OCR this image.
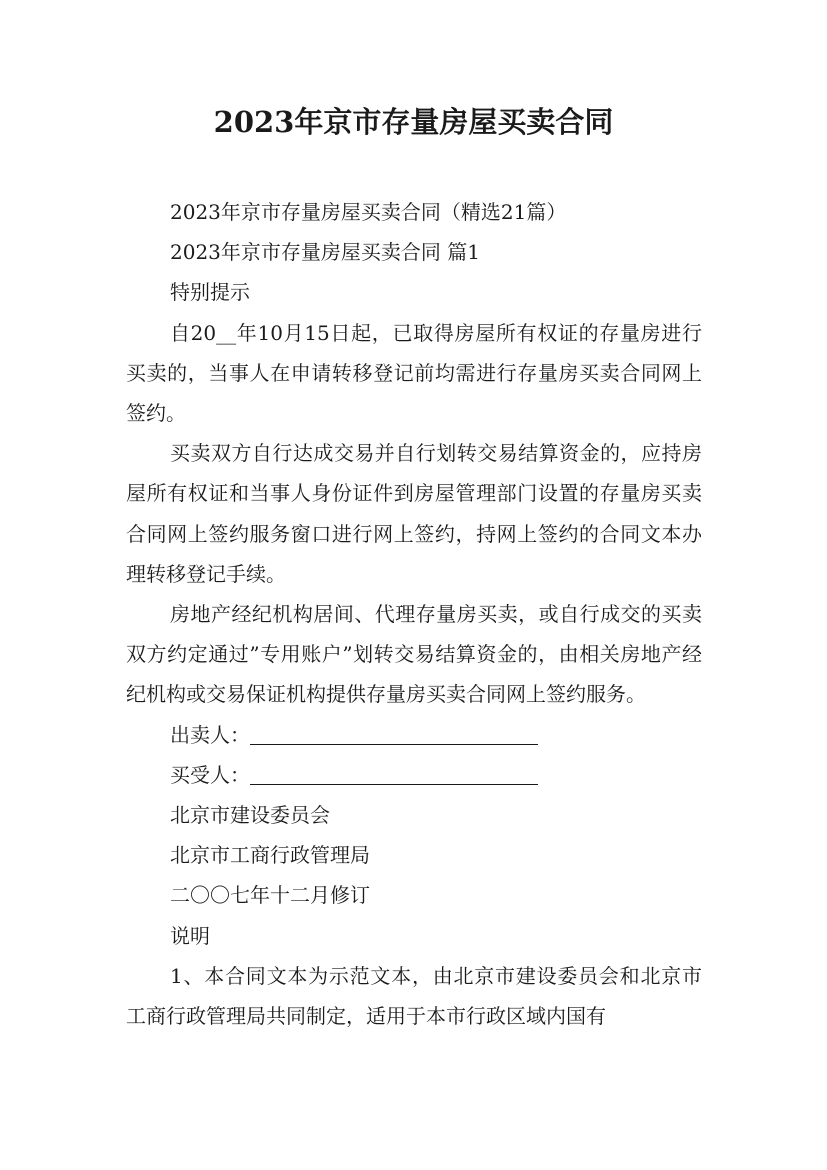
2023年京市存量房屋买卖合同

2023年京市存量房屋买卖合同（精选21篇）

2023年京市存量房屋买卖合同 篇1

特别提示

自20__年10月15日起，已取得房屋所有权证的存量房进行买卖的，当事人在申请转移登记前均需进行存量房买卖合同网上签约。

买卖双方自行达成交易并自行划转交易结算资金的，应持房屋所有权证和当事人身份证件到房屋管理部门设置的存量房买卖合同网上签约服务窗口进行网上签约，持网上签约的合同文本办理转移登记手续。

房地产经纪机构居间、代理存量房买卖，或自行成交的买卖双方约定通过”专用账户”划转交易结算资金的，由相关房地产经纪机构或交易保证机构提供存量房买卖合同网上签约服务。

出卖人：

买受人：

北京市建设委员会

北京市工商行政管理局

二〇〇七年十二月修订

说明

1、本合同文本为示范文本，由北京市建设委员会和北京市工商行政管理局共同制定，适用于本市行政区域内国有
